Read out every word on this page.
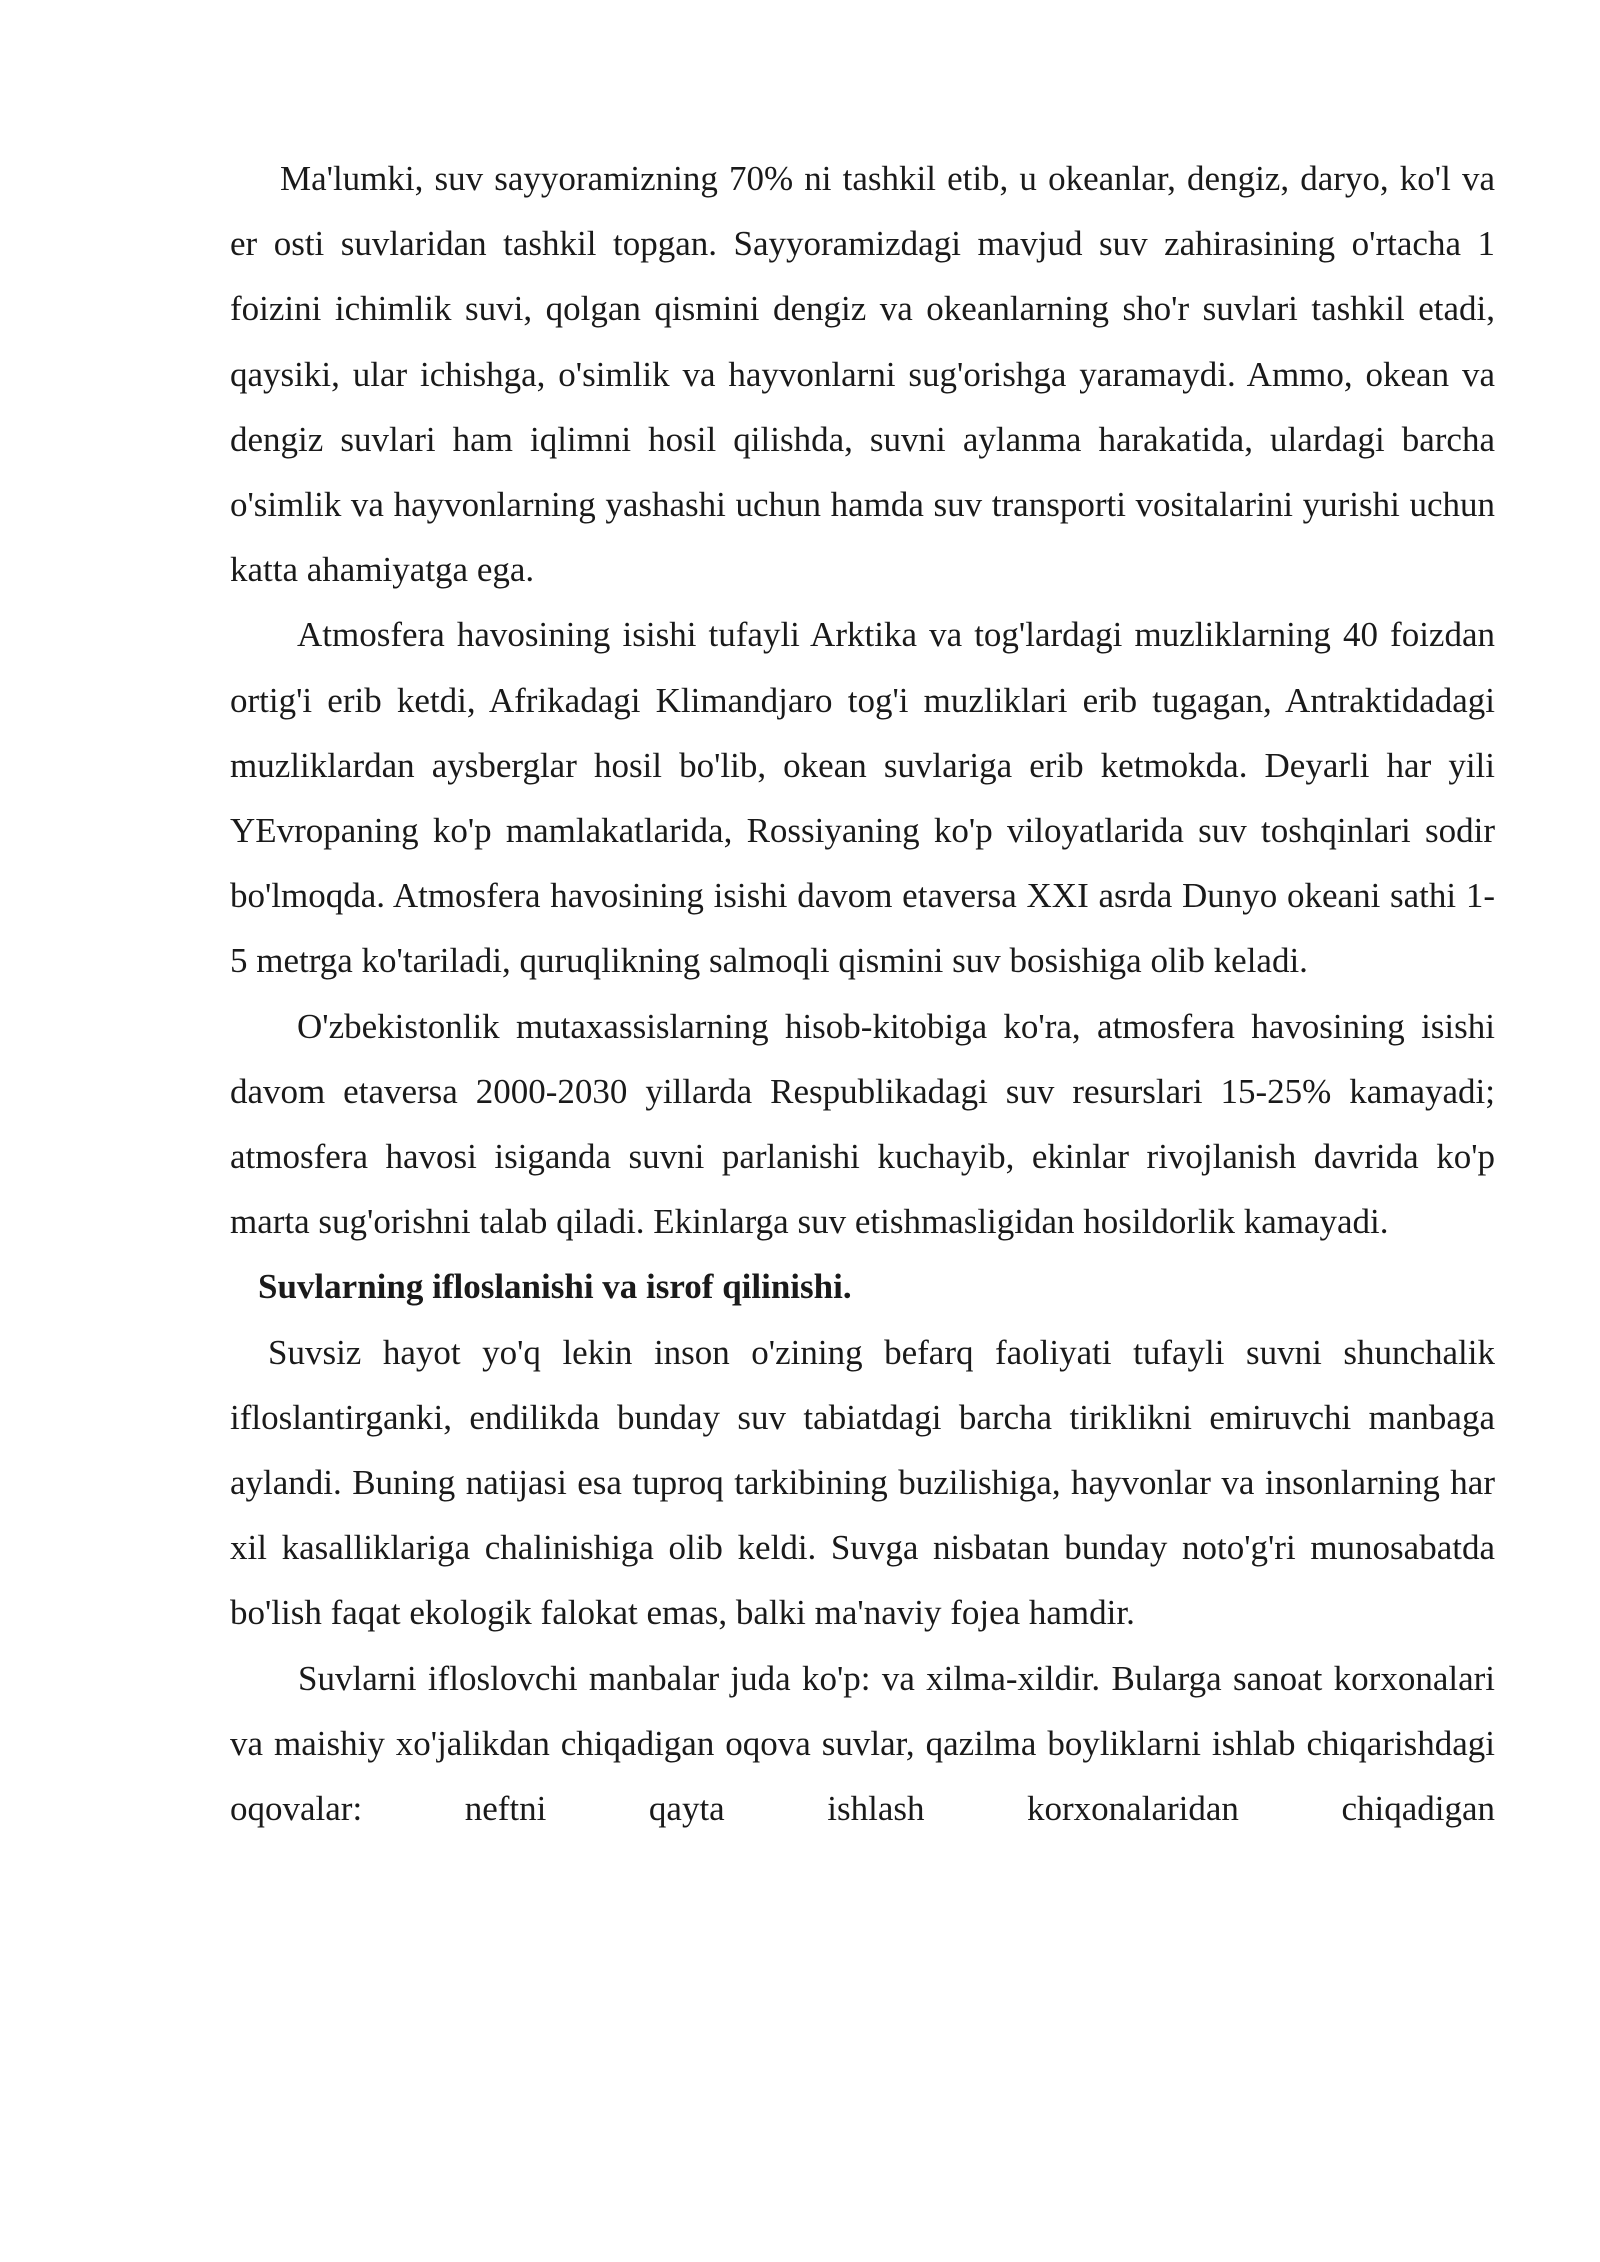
Ma'lumki, suv sayyoramizning 70% ni tashkil etib, u okeanlar, dengiz, daryo, ko'l va er osti suvlaridan tashkil topgan. Sayyoramizdagi mavjud suv zahirasining o'rtacha 1 foizini ichimlik suvi, qolgan qismini dengiz va okeanlarning sho'r suvlari tashkil etadi, qaysiki, ular ichishga, o'simlik va hayvonlarni sug'orishga yaramaydi. Ammo, okean va dengiz suvlari ham iqlimni hosil qilishda, suvni aylanma harakatida, ulardagi barcha o'simlik va hayvonlarning yashashi uchun hamda suv transporti vositalarini yurishi uchun katta ahamiyatga ega.

Atmosfera havosining isishi tufayli Arktika va tog'lardagi muzliklarning 40 foizdan ortig'i erib ketdi, Afrikadagi Klimandjaro tog'i muzliklari erib tugagan, Antraktidadagi muzliklardan aysberglar hosil bo'lib, okean suvlariga erib ketmokda. Deyarli har yili YEvropaning ko'p mamlakatlarida, Rossiyaning ko'p viloyatlarida suv toshqinlari sodir bo'lmoqda. Atmosfera havosining isishi davom etaversa XXI asrda Dunyo okeani sathi 1-5 metrga ko'tariladi, quruqlikning salmoqli qismini suv bosishiga olib keladi.

O'zbekistonlik mutaxassislarning hisob-kitobiga ko'ra, atmosfera havosining isishi davom etaversa 2000-2030 yillarda Respublikadagi suv resurslari 15-25% kamayadi; atmosfera havosi isiganda suvni parlanishi kuchayib, ekinlar rivojlanish davrida ko'p marta sug'orishni talab qiladi. Ekinlarga suv etishmasligidan hosildorlik kamayadi.

Suvlarning ifloslanishi va isrof qilinishi.

Suvsiz hayot yo'q lekin inson o'zining befarq faoliyati tufayli suvni shunchalik ifloslantirganki, endilikda bunday suv tabiatdagi barcha tiriklikni emiruvchi manbaga aylandi. Buning natijasi esa tuproq tarkibining buzilishiga, hayvonlar va insonlarning har xil kasalliklariga chalinishiga olib keldi. Suvga nisbatan bunday noto'g'ri munosabatda bo'lish faqat ekologik falokat emas, balki ma'naviy fojea hamdir.

Suvlarni ifloslovchi manbalar juda ko'p: va xilma-xildir. Bularga sanoat korxonalari va maishiy xo'jalikdan chiqadigan oqova suvlar, qazilma boyliklarni ishlab chiqarishdagi oqovalar: neftni qayta ishlash korxonalaridan chiqadigan
